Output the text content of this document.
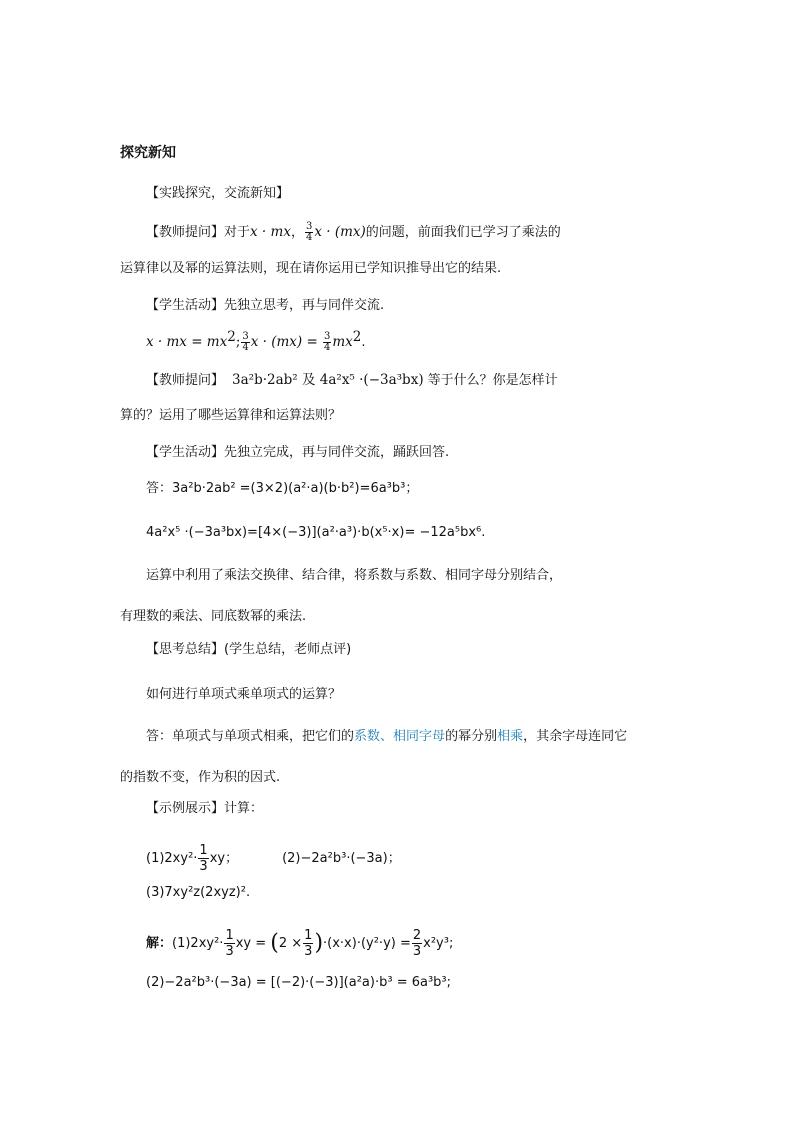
探究新知
【实践探究，交流新知】
【教师提问】对于x · mx， $\frac{3}{4}$ x · (mx)的问题，前面我们已学习了乘法的
运算律以及幂的运算法则，现在请你运用已学知识推导出它的结果.
【学生活动】先独立思考，再与同伴交流.
x · mx = $mx^2$; $\frac{3}{4}$ $x \cdot (mx) = \frac{3}{4} mx^2$.
【教师提问】 3a²b·2ab² 及 4a²x⁵ ·(−3a³bx) 等于什么？你是怎样计
算的？运用了哪些运算律和运算法则？
【学生活动】先独立完成，再与同伴交流，踊跃回答.
答：3a²b·2ab² =(3×2)(a²·a)(b·b²)=6a³b³；
4a²x⁵ ·(−3a³bx)=[4×(−3)](a²·a³)·b(x⁵·x)= −12a⁵bx⁶.
运算中利用了乘法交换律、结合律，将系数与系数、相同字母分别结合，
有理数的乘法、同底数幂的乘法.
【思考总结】(学生总结，老师点评)
如何进行单项式乘单项式的运算？
答：单项式与单项式相乘，把它们的系数、相同字母的幂分别相乘，其余字母连同它
的指数不变，作为积的因式.
【示例展示】计算：
$(1)2xy^2\cdot \frac{1}{3}$ xy；	(2)−2a²b³·(−3a)；
(3)7xy²z(2xyz)².
解：$(1)2xy^2\cdot \frac{1}{3}$ xy = $(2 \times \frac{1}{3} )\cdot(x\cdot x)\cdot(y^2\cdot y) = \frac{2}{3} x^2y^3$;
(2)−2a²b³·(−3a) = [(−2)·(−3)](a²a)·b³ = 6a³b³;
